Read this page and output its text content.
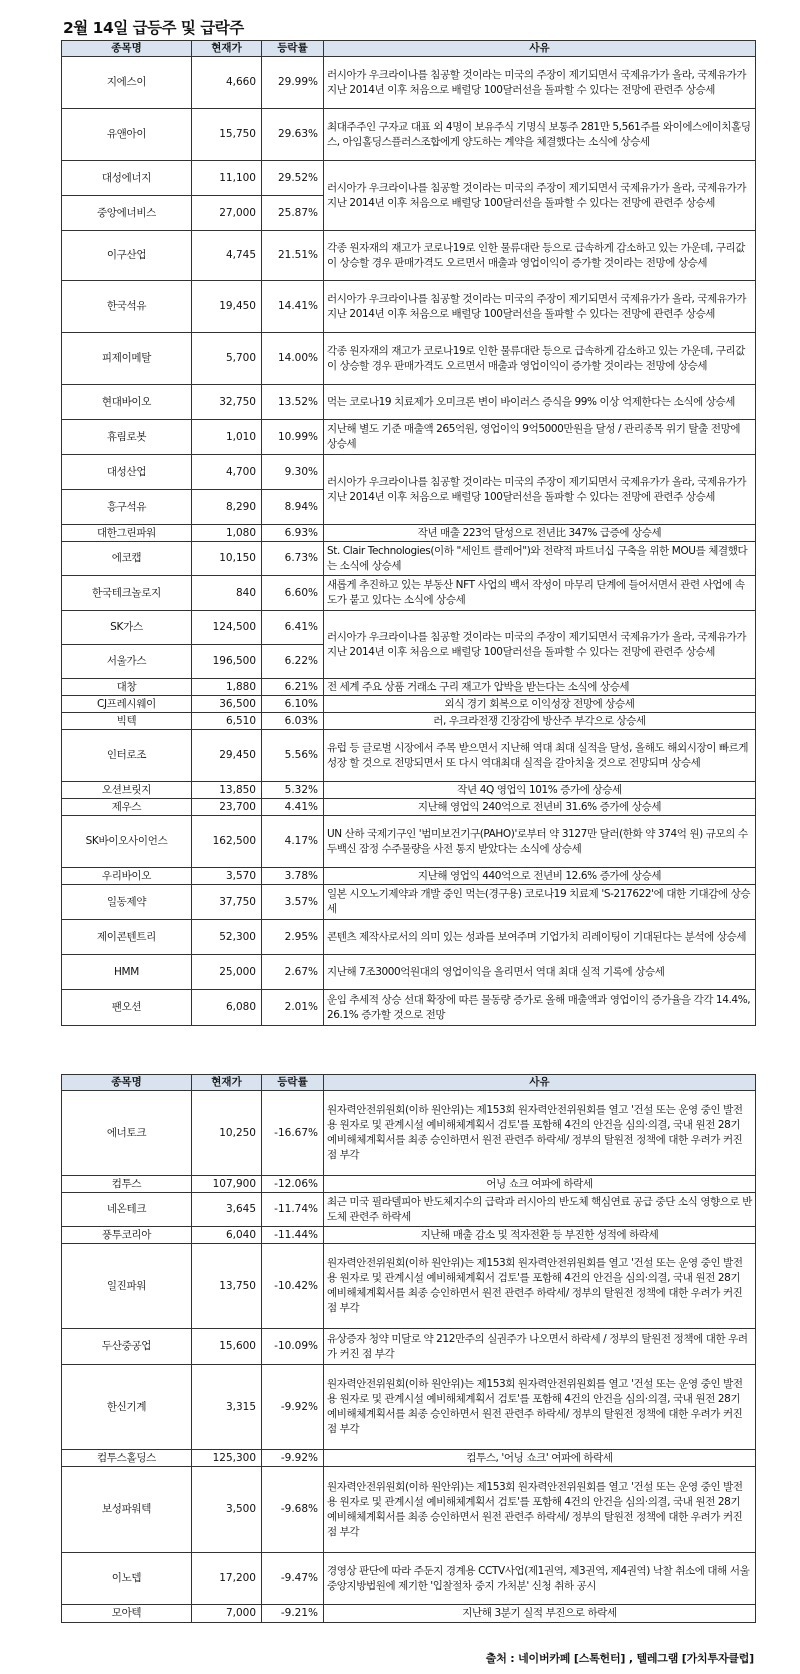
2월 14일 급등주 및 급락주
종목명	현재가	등락률	사유
지에스이	4,660	29.99%	러시아가 우크라이나를 침공할 것이라는 미국의 주장이 제기되면서 국제유가가 올라, 국제유가가 지난 2014년 이후 처음으로 배럴당 100달러선을 돌파할 수 있다는 전망에 관련주 상승세
유앤아이	15,750	29.63%	최대주주인 구자교 대표 외 4명이 보유주식 기명식 보통주 281만 5,561주를 와이에스에이치홀딩스, 아임홀딩스플러스조합에게 양도하는 계약을 체결했다는 소식에 상승세
대성에너지	11,100	29.52%	러시아가 우크라이나를 침공할 것이라는 미국의 주장이 제기되면서 국제유가가 올라, 국제유가가 지난 2014년 이후 처음으로 배럴당 100달러선을 돌파할 수 있다는 전망에 관련주 상승세
중앙에너비스	27,000	25.87%	
이구산업	4,745	21.51%	각종 원자재의 재고가 코로나19로 인한 물류대란 등으로 급속하게 감소하고 있는 가운데, 구리값이 상승할 경우 판매가격도 오르면서 매출과 영업이익이 증가할 것이라는 전망에 상승세
한국석유	19,450	14.41%	러시아가 우크라이나를 침공할 것이라는 미국의 주장이 제기되면서 국제유가가 올라, 국제유가가 지난 2014년 이후 처음으로 배럴당 100달러선을 돌파할 수 있다는 전망에 관련주 상승세
피제이메탈	5,700	14.00%	각종 원자재의 재고가 코로나19로 인한 물류대란 등으로 급속하게 감소하고 있는 가운데, 구리값이 상승할 경우 판매가격도 오르면서 매출과 영업이익이 증가할 것이라는 전망에 상승세
현대바이오	32,750	13.52%	먹는 코로나19 치료제가 오미크론 변이 바이러스 증식을 99% 이상 억제한다는 소식에 상승세
휴림로봇	1,010	10.99%	지난해 별도 기준 매출액 265억원, 영업이익 9억5000만원을 달성 / 관리종목 위기 탈출 전망에 상승세
대성산업	4,700	9.30%	러시아가 우크라이나를 침공할 것이라는 미국의 주장이 제기되면서 국제유가가 올라, 국제유가가 지난 2014년 이후 처음으로 배럴당 100달러선을 돌파할 수 있다는 전망에 관련주 상승세
흥구석유	8,290	8.94%	
대한그린파워	1,080	6.93%	작년 매출 223억 달성으로 전년比 347% 급증에 상승세
에코캡	10,150	6.73%	St. Clair Technologies(이하 "세인트 클레어")와 전략적 파트너십 구축을 위한 MOU를 체결했다는 소식에 상승세
한국테크놀로지	840	6.60%	새롭게 추진하고 있는 부동산 NFT 사업의 백서 작성이 마무리 단계에 들어서면서 관련 사업에 속도가 붙고 있다는 소식에 상승세
SK가스	124,500	6.41%	러시아가 우크라이나를 침공할 것이라는 미국의 주장이 제기되면서 국제유가가 올라, 국제유가가 지난 2014년 이후 처음으로 배럴당 100달러선을 돌파할 수 있다는 전망에 관련주 상승세
서울가스	196,500	6.22%	
대창	1,880	6.21%	전 세계 주요 상품 거래소 구리 재고가 압박을 받는다는 소식에 상승세
CJ프레시웨이	36,500	6.10%	외식 경기 회복으로 이익성장 전망에 상승세
빅텍	6,510	6.03%	러, 우크라전쟁 긴장감에 방산주 부각으로 상승세
인터로조	29,450	5.56%	유럽 등 글로벌 시장에서 주목 받으면서 지난해 역대 최대 실적을 달성, 올해도 해외시장이 빠르게 성장 할 것으로 전망되면서 또 다시 역대최대 실적을 갈아치울 것으로 전망되며 상승세
오션브릿지	13,850	5.32%	작년 4Q 영업익 101% 증가에 상승세
제우스	23,700	4.41%	지난해 영업익 240억으로 전년비 31.6% 증가에 상승세
SK바이오사이언스	162,500	4.17%	UN 산하 국제기구인 '범미보건기구(PAHO)'로부터 약 3127만 달러(한화 약 374억 원) 규모의 수두백신 잠정 수주물량을 사전 통지 받았다는 소식에 상승세
우리바이오	3,570	3.78%	지난해 영업익 440억으로 전년비 12.6% 증가에 상승세
일동제약	37,750	3.57%	일본 시오노기제약과 개발 중인 먹는(경구용) 코로나19 치료제 'S-217622'에 대한 기대감에 상승세
제이콘텐트리	52,300	2.95%	콘텐츠 제작사로서의 의미 있는 성과를 보여주며 기업가치 리레이팅이 기대된다는 분석에 상승세
HMM	25,000	2.67%	지난해 7조3000억원대의 영업이익을 올리면서 역대 최대 실적 기록에 상승세
팬오션	6,080	2.01%	운임 추세적 상승 선대 확장에 따른 물동량 증가로 올해 매출액과 영업이익 증가율을 각각 14.4%, 26.1% 증가할 것으로 전망
종목명	현재가	등락률	사유
에너토크	10,250	-16.67%	원자력안전위원회(이하 원안위)는 제153회 원자력안전위원회를 열고 '건설 또는 운영 중인 발전용 원자로 및 관계시설 예비해체계획서 검토'를 포함해 4건의 안건을 심의·의결, 국내 원전 28기 예비해체계획서를 최종 승인하면서 원전 관련주 하락세/ 정부의 탈원전 정책에 대한 우려가 커진 점 부각
컴투스	107,900	-12.06%	어닝 쇼크 여파에 하락세
네온테크	3,645	-11.74%	최근 미국 필라델피아 반도체지수의 급락과 러시아의 반도체 핵심연료 공급 중단 소식 영향으로 반도체 관련주 하락세
풍투코리아	6,040	-11.44%	지난해 매출 감소 및 적자전환 등 부진한 성적에 하락세
일진파워	13,750	-10.42%	원자력안전위원회(이하 원안위)는 제153회 원자력안전위원회를 열고 '건설 또는 운영 중인 발전용 원자로 및 관계시설 예비해체계획서 검토'를 포함해 4건의 안건을 심의·의결, 국내 원전 28기 예비해체계획서를 최종 승인하면서 원전 관련주 하락세/ 정부의 탈원전 정책에 대한 우려가 커진 점 부각
두산중공업	15,600	-10.09%	유상증자 청약 미달로 약 212만주의 실권주가 나오면서 하락세 / 정부의 탈원전 정책에 대한 우려가 커진 점 부각
한신기계	3,315	-9.92%	원자력안전위원회(이하 원안위)는 제153회 원자력안전위원회를 열고 '건설 또는 운영 중인 발전용 원자로 및 관계시설 예비해체계획서 검토'를 포함해 4건의 안건을 심의·의결, 국내 원전 28기 예비해체계획서를 최종 승인하면서 원전 관련주 하락세/ 정부의 탈원전 정책에 대한 우려가 커진 점 부각
컴투스홀딩스	125,300	-9.92%	컴투스, '어닝 쇼크' 여파에 하락세
보성파워텍	3,500	-9.68%	원자력안전위원회(이하 원안위)는 제153회 원자력안전위원회를 열고 '건설 또는 운영 중인 발전용 원자로 및 관계시설 예비해체계획서 검토'를 포함해 4건의 안건을 심의·의결, 국내 원전 28기 예비해체계획서를 최종 승인하면서 원전 관련주 하락세/ 정부의 탈원전 정책에 대한 우려가 커진 점 부각
이노뎁	17,200	-9.47%	경영상 판단에 따라 주둔지 경계용 CCTV사업(제1권역, 제3권역, 제4권역) 낙찰 취소에 대해 서울중앙지방법원에 제기한 '입찰절차 중지 가처분' 신청 취하 공시
모아텍	7,000	-9.21%	지난해 3분기 실적 부진으로 하락세
출처 : 네이버카페 [스톡헌터] , 텔레그램 [가치투자클럽]
